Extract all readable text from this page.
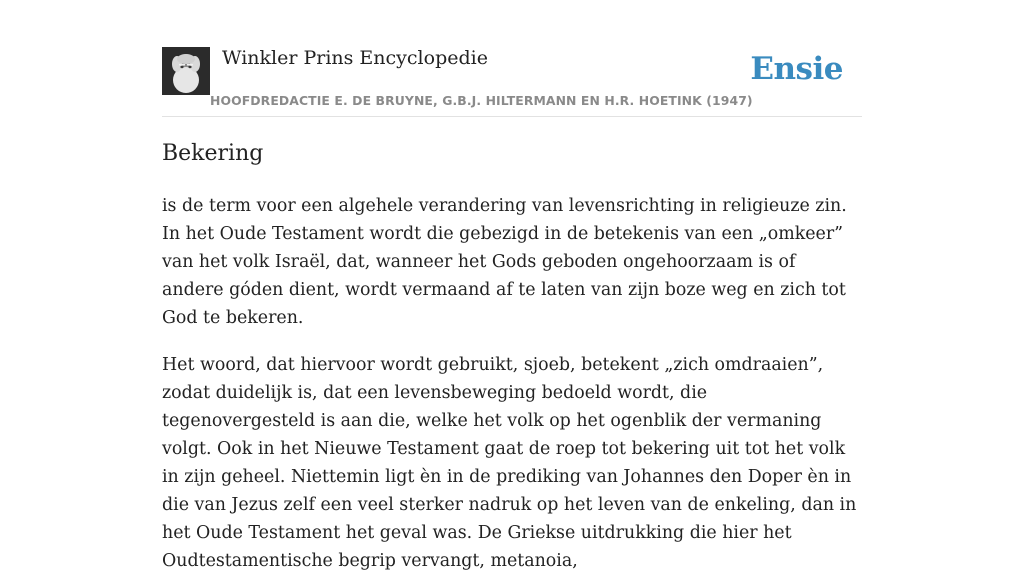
Winkler Prins Encyclopedie
HOOFDREDACTIE E. DE BRUYNE, G.B.J. HILTERMANN EN H.R. HOETINK (1947)
Ensie
Bekering

is de term voor een algehele verandering van levensrichting in religieuze zin. In het Oude Testament wordt die gebezigd in de betekenis van een „omkeer” van het volk Israël, dat, wanneer het Gods geboden ongehoorzaam is of andere góden dient, wordt vermaand af te laten van zijn boze weg en zich tot God te bekeren.

Het woord, dat hiervoor wordt gebruikt, sjoeb, betekent „zich omdraaien”, zodat duidelijk is, dat een levensbeweging bedoeld wordt, die tegenovergesteld is aan die, welke het volk op het ogenblik der vermaning volgt. Ook in het Nieuwe Testament gaat de roep tot bekering uit tot het volk in zijn geheel. Niettemin ligt èn in de prediking van Johannes den Doper èn in die van Jezus zelf een veel sterker nadruk op het leven van de enkeling, dan in het Oude Testament het geval was. De Griekse uitdrukking die hier het Oudtestamentische begrip vervangt, metanoia,
